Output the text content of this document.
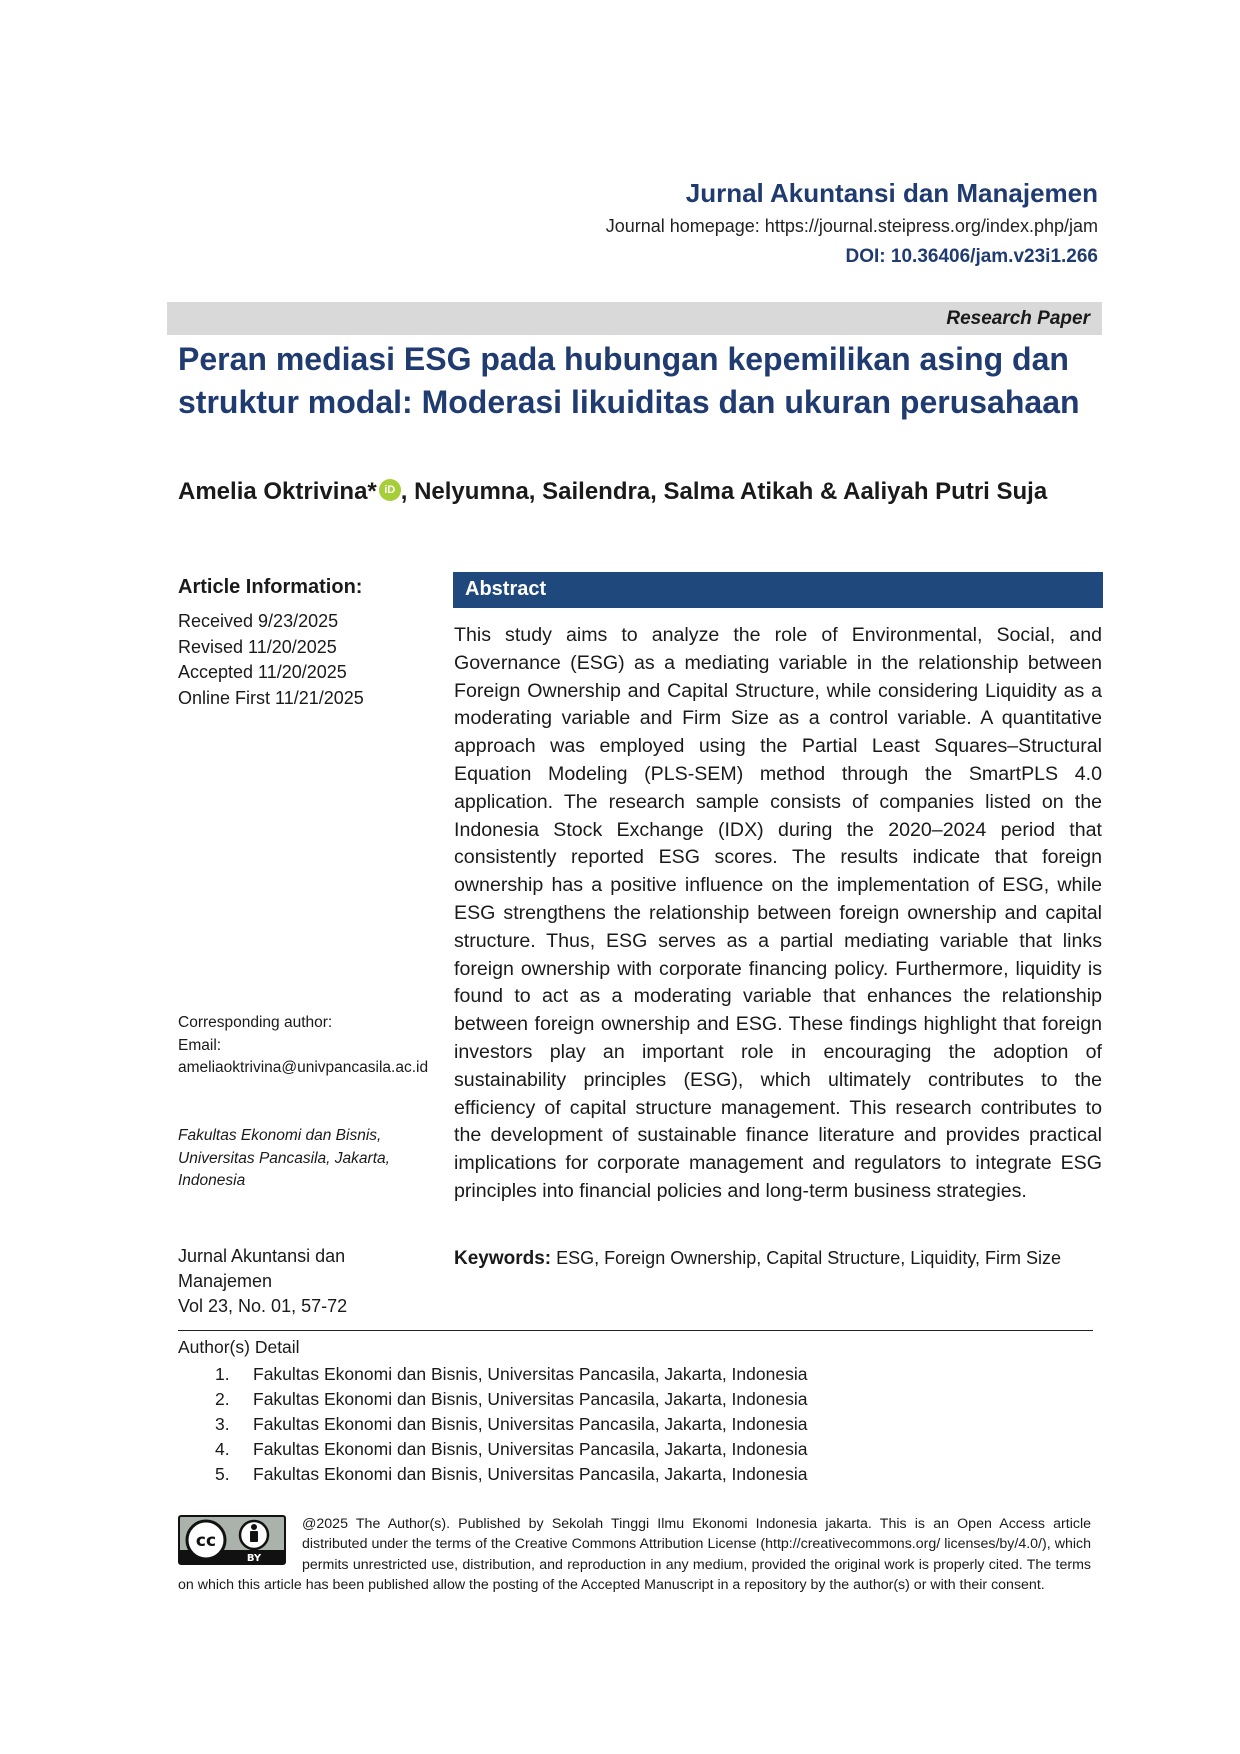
Jurnal Akuntansi dan Manajemen
Journal homepage: https://journal.steipress.org/index.php/jam
DOI: 10.36406/jam.v23i1.266
Research Paper
Peran mediasi ESG pada hubungan kepemilikan asing dan struktur modal: Moderasi likuiditas dan ukuran perusahaan
Amelia Oktrivina* iD , Nelyumna, Sailendra, Salma Atikah & Aaliyah Putri Suja
Article Information:
Received 9/23/2025
Revised 11/20/2025
Accepted 11/20/2025
Online First 11/21/2025
Corresponding author:
Email:
ameliaoktrivina@univpancasila.ac.id
Fakultas Ekonomi dan Bisnis, Universitas Pancasila, Jakarta, Indonesia
Jurnal Akuntansi dan Manajemen
Vol 23, No. 01, 57-72
Abstract
This study aims to analyze the role of Environmental, Social, and Governance (ESG) as a mediating variable in the relationship between Foreign Ownership and Capital Structure, while considering Liquidity as a moderating variable and Firm Size as a control variable. A quantitative approach was employed using the Partial Least Squares–Structural Equation Modeling (PLS-SEM) method through the SmartPLS 4.0 application. The research sample consists of companies listed on the Indonesia Stock Exchange (IDX) during the 2020–2024 period that consistently reported ESG scores. The results indicate that foreign ownership has a positive influence on the implementation of ESG, while ESG strengthens the relationship between foreign ownership and capital structure. Thus, ESG serves as a partial mediating variable that links foreign ownership with corporate financing policy. Furthermore, liquidity is found to act as a moderating variable that enhances the relationship between foreign ownership and ESG. These findings highlight that foreign investors play an important role in encouraging the adoption of sustainability principles (ESG), which ultimately contributes to the efficiency of capital structure management. This research contributes to the development of sustainable finance literature and provides practical implications for corporate management and regulators to integrate ESG principles into financial policies and long-term business strategies.
Keywords: ESG, Foreign Ownership, Capital Structure, Liquidity, Firm Size
Author(s) Detail
1. Fakultas Ekonomi dan Bisnis, Universitas Pancasila, Jakarta, Indonesia
2. Fakultas Ekonomi dan Bisnis, Universitas Pancasila, Jakarta, Indonesia
3. Fakultas Ekonomi dan Bisnis, Universitas Pancasila, Jakarta, Indonesia
4. Fakultas Ekonomi dan Bisnis, Universitas Pancasila, Jakarta, Indonesia
5. Fakultas Ekonomi dan Bisnis, Universitas Pancasila, Jakarta, Indonesia
@2025 The Author(s). Published by Sekolah Tinggi Ilmu Ekonomi Indonesia jakarta. This is an Open Access article distributed under the terms of the Creative Commons Attribution License (http://creativecommons.org/ licenses/by/4.0/), which permits unrestricted use, distribution, and reproduction in any medium, provided the original work is properly cited. The terms on which this article has been published allow the posting of the Accepted Manuscript in a repository by the author(s) or with their consent.
cc
BY
